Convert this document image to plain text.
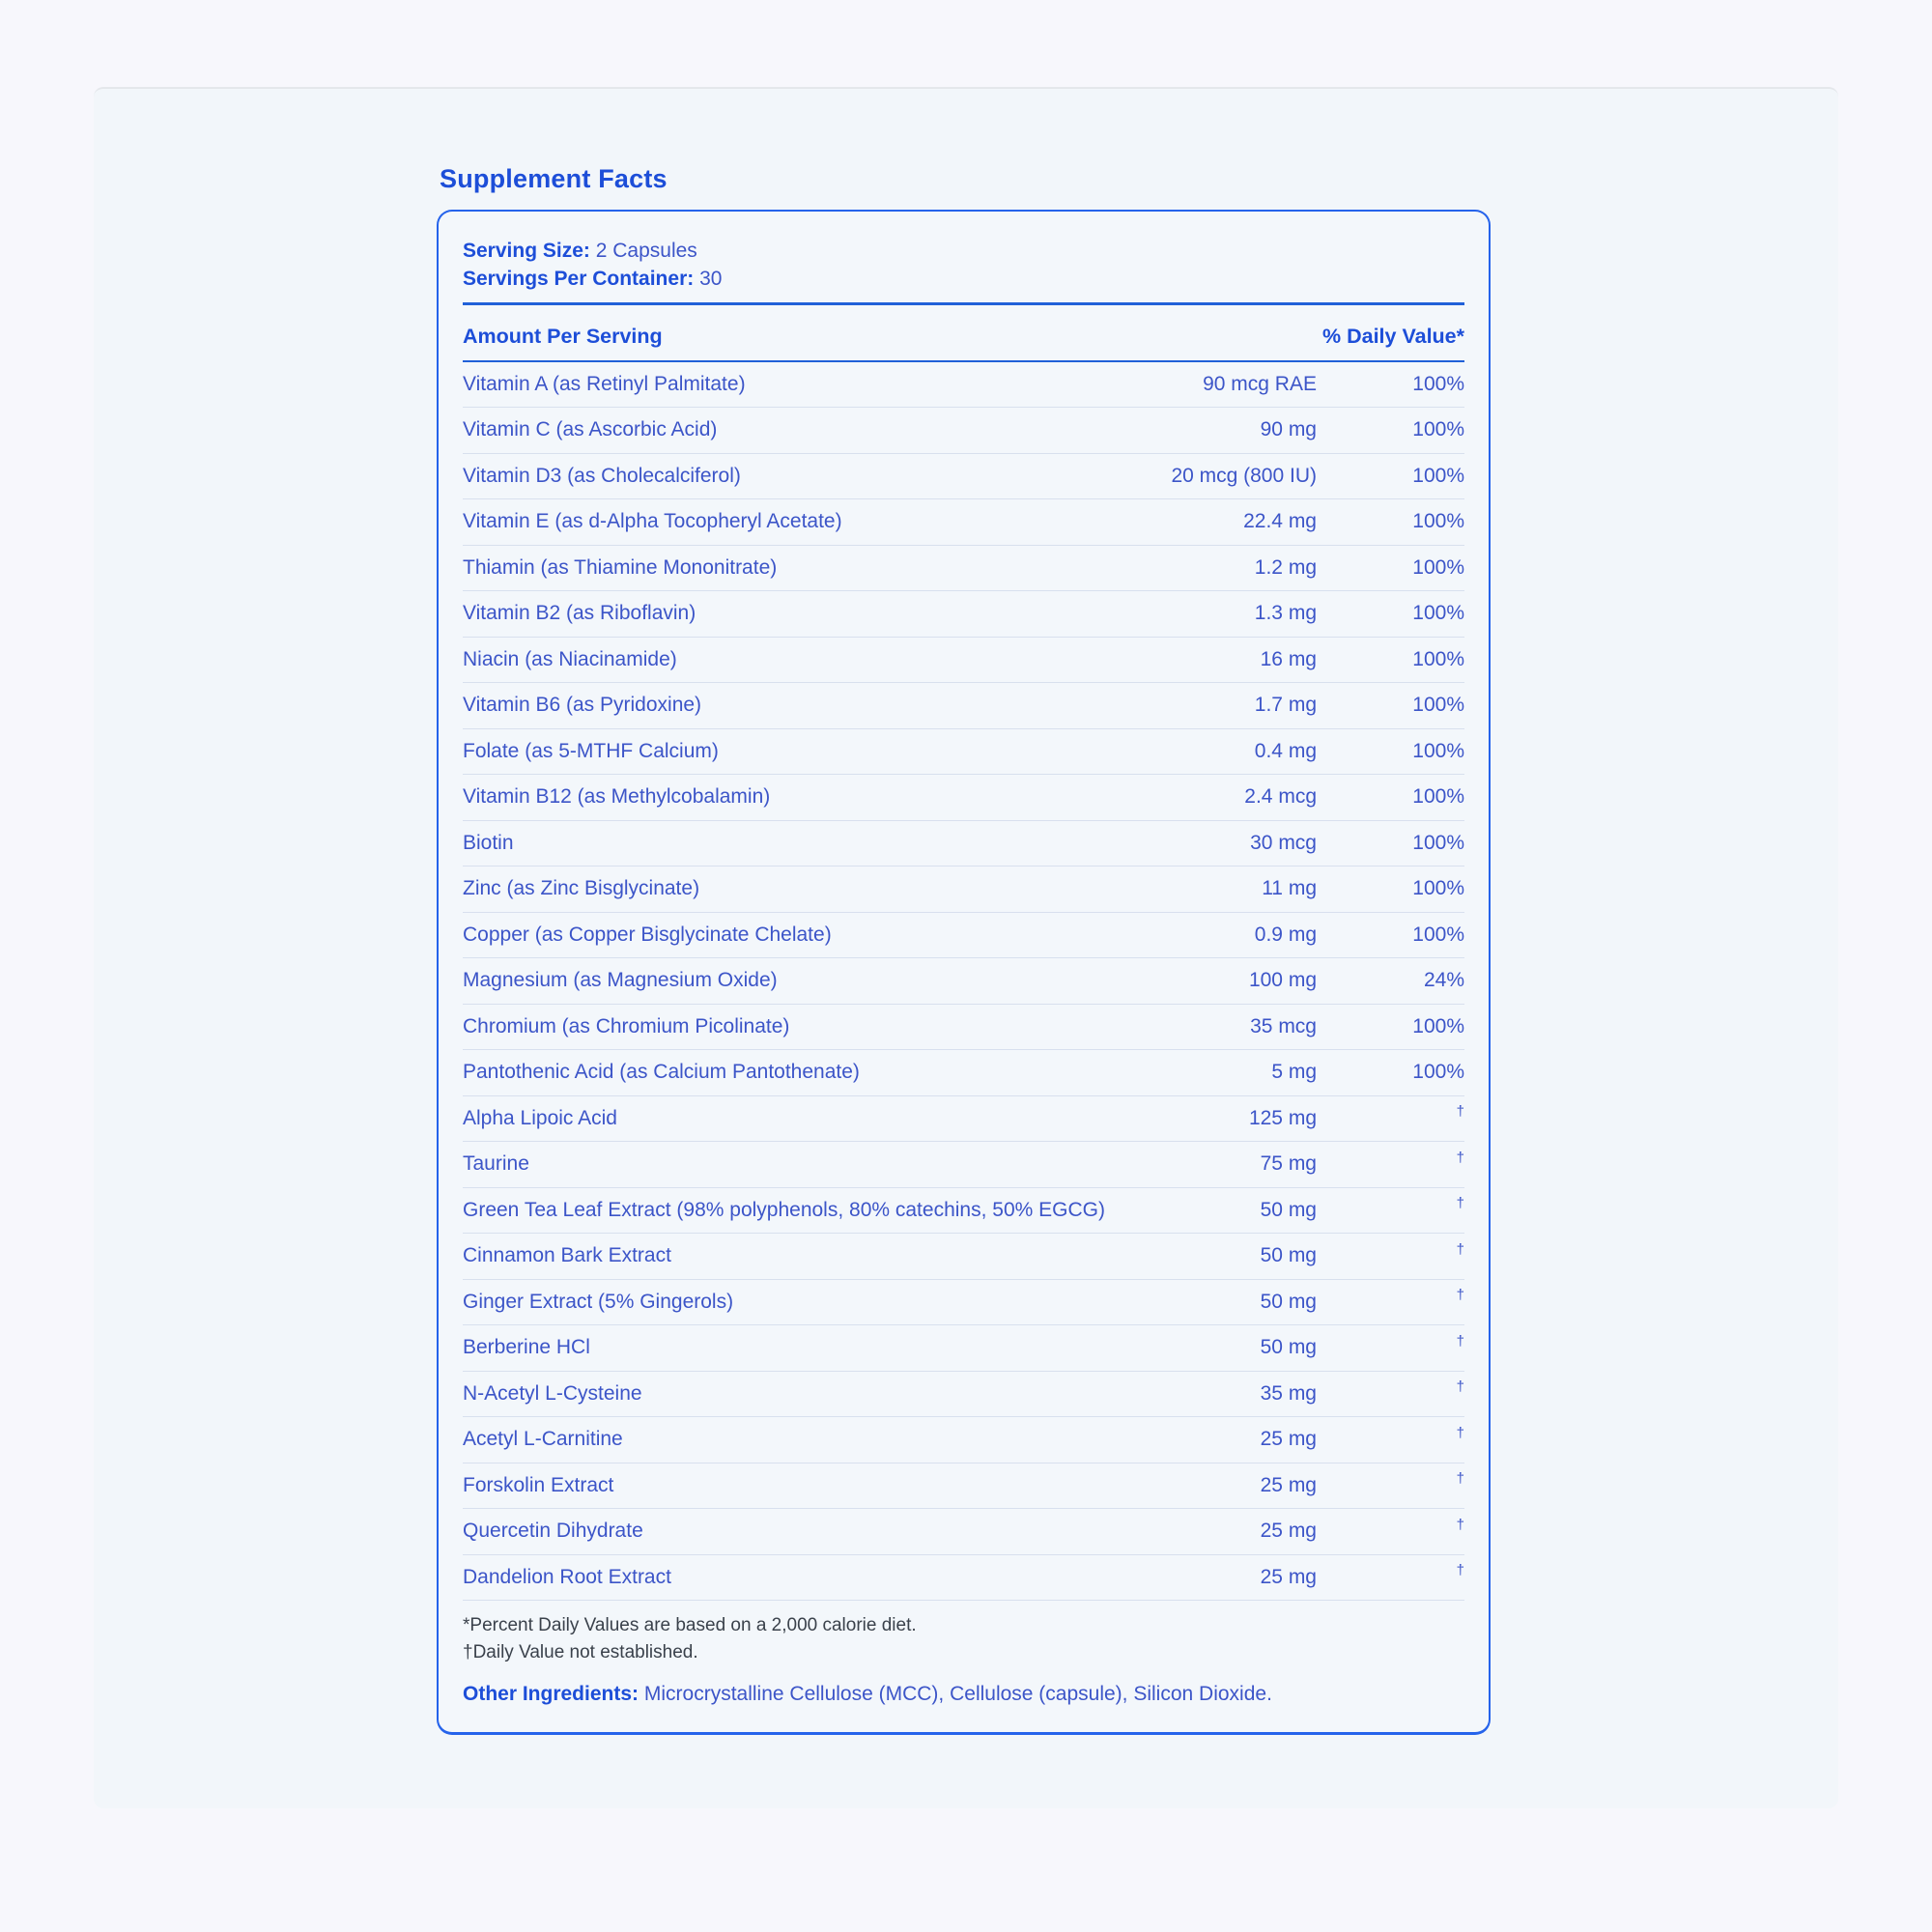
Supplement Facts
Serving Size: 2 Capsules
Servings Per Container: 30
Amount Per Serving	% Daily Value*
Vitamin A (as Retinyl Palmitate)	90 mcg RAE	100%
Vitamin C (as Ascorbic Acid)	90 mg	100%
Vitamin D3 (as Cholecalciferol)	20 mcg (800 IU)	100%
Vitamin E (as d-Alpha Tocopheryl Acetate)	22.4 mg	100%
Thiamin (as Thiamine Mononitrate)	1.2 mg	100%
Vitamin B2 (as Riboflavin)	1.3 mg	100%
Niacin (as Niacinamide)	16 mg	100%
Vitamin B6 (as Pyridoxine)	1.7 mg	100%
Folate (as 5-MTHF Calcium)	0.4 mg	100%
Vitamin B12 (as Methylcobalamin)	2.4 mcg	100%
Biotin	30 mcg	100%
Zinc (as Zinc Bisglycinate)	11 mg	100%
Copper (as Copper Bisglycinate Chelate)	0.9 mg	100%
Magnesium (as Magnesium Oxide)	100 mg	24%
Chromium (as Chromium Picolinate)	35 mcg	100%
Pantothenic Acid (as Calcium Pantothenate)	5 mg	100%
Alpha Lipoic Acid	125 mg	†
Taurine	75 mg	†
Green Tea Leaf Extract (98% polyphenols, 80% catechins, 50% EGCG)	50 mg	†
Cinnamon Bark Extract	50 mg	†
Ginger Extract (5% Gingerols)	50 mg	†
Berberine HCl	50 mg	†
N-Acetyl L-Cysteine	35 mg	†
Acetyl L-Carnitine	25 mg	†
Forskolin Extract	25 mg	†
Quercetin Dihydrate	25 mg	†
Dandelion Root Extract	25 mg	†
*Percent Daily Values are based on a 2,000 calorie diet.
†Daily Value not established.
Other Ingredients: Microcrystalline Cellulose (MCC), Cellulose (capsule), Silicon Dioxide.
